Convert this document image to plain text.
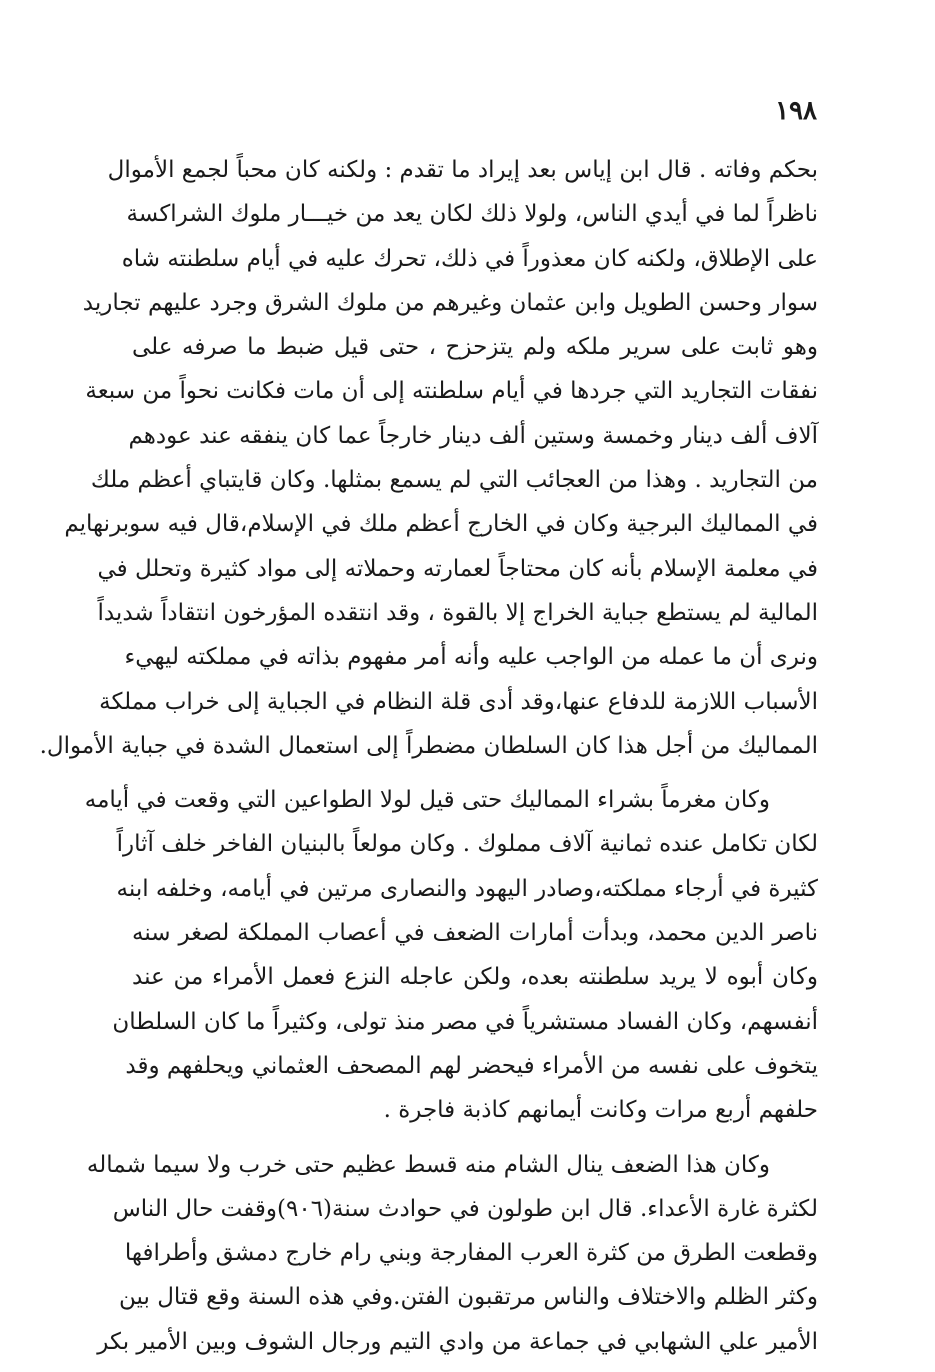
١٩٨
بحكم وفاته . قال ابن إياس بعد إيراد ما تقدم : ولكنه كان محباً لجمع الأموال
ناظراً لما في أيدي الناس، ولولا ذلك لكان يعد من خيـــار ملوك الشراكسة
على الإطلاق، ولكنه كان معذوراً في ذلك، تحرك عليه في أيام سلطنته شاه
سوار وحسن الطويل وابن عثمان وغيرهم من ملوك الشرق وجرد عليهم تجاريد
وهو ثابت على سرير ملكه ولم يتزحزح ، حتى قيل ضبط ما صرفه على
نفقات التجاريد التي جردها في أيام سلطنته إلى أن مات فكانت نحواً من سبعة
آلاف ألف دينار وخمسة وستين ألف دينار خارجاً عما كان ينفقه عند عودهم
من التجاريد . وهذا من العجائب التي لم يسمع بمثلها. وكان قايتباي أعظم ملك
في المماليك البرجية وكان في الخارج أعظم ملك في الإسلام،قال فيه سوبرنهايم
في معلمة الإسلام بأنه كان محتاجاً لعمارته وحملاته إلى مواد كثيرة وتحلل في
المالية لم يستطع جباية الخراج إلا بالقوة ، وقد انتقده المؤرخون انتقاداً شديداً
ونرى أن ما عمله من الواجب عليه وأنه أمر مفهوم بذاته في مملكته ليهيء
الأسباب اللازمة للدفاع عنها،وقد أدى قلة النظام في الجباية إلى خراب مملكة
المماليك من أجل هذا كان السلطان مضطراً إلى استعمال الشدة في جباية الأموال.
وكان مغرماً بشراء المماليك حتى قيل لولا الطواعين التي وقعت في أيامه
لكان تكامل عنده ثمانية آلاف مملوك . وكان مولعاً بالبنيان الفاخر خلف آثاراً
كثيرة في أرجاء مملكته،وصادر اليهود والنصارى مرتين في أيامه، وخلفه ابنه
ناصر الدين محمد، وبدأت أمارات الضعف في أعصاب المملكة لصغر سنه
وكان أبوه لا يريد سلطنته بعده، ولكن عاجله النزع فعمل الأمراء من عند
أنفسهم، وكان الفساد مستشرياً في مصر منذ تولى، وكثيراً ما كان السلطان
يتخوف على نفسه من الأمراء فيحضر لهم المصحف العثماني ويحلفهم وقد
حلفهم أربع مرات وكانت أيمانهم كاذبة فاجرة .
وكان هذا الضعف ينال الشام منه قسط عظيم حتى خرب ولا سيما شماله
لكثرة غارة الأعداء. قال ابن طولون في حوادث سنة(٩٠٦)وقفت حال الناس
وقطعت الطرق من كثرة العرب المفارجة وبني رام خارج دمشق وأطرافها
وكثر الظلم والاختلاف والناس مرتقبون الفتن.وفي هذه السنة وقع قتال بين
الأمير علي الشهابي في جماعة من وادي التيم ورجال الشوف وبين الأمير بكر
